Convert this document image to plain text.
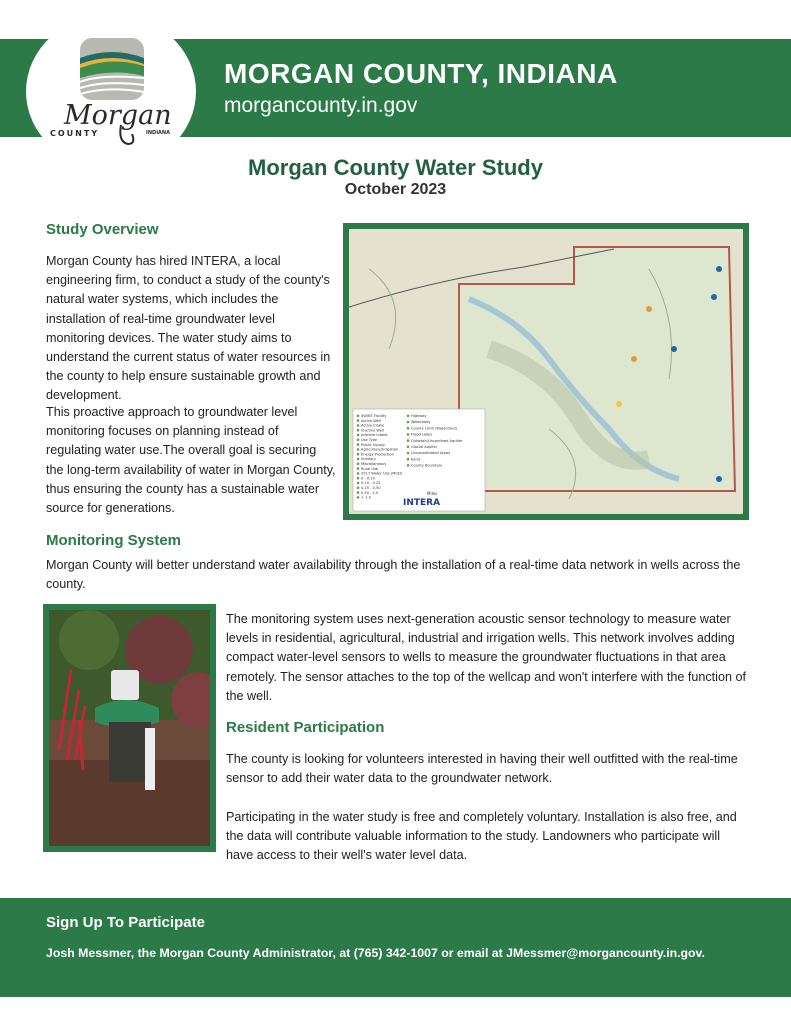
Morgan
COUNTY	INDIANA
MORGAN COUNTY, INDIANA
morgancounty.in.gov
Morgan County Water Study
October 2023
Study Overview

Morgan County has hired INTERA, a local engineering firm, to conduct a study of the county's natural water systems, which includes the installation of real-time groundwater level monitoring devices. The water study aims to understand the current status of water resources in the county to help ensure sustainable growth and development.

This proactive approach to groundwater level monitoring focuses on planning instead of regulating water use.The overall goal is securing the long-term availability of water in Morgan County, thus ensuring the county has a sustainable water source for generations.	INTERA
Miles
SWINT Facility
Active Well
Active Intake
Inactive Well
Inactive Intake
Use Type
Public Supply
Agriculture/Irrigation
Energy Production
Industry
Miscellaneous
Rural Use
2017 Water Use (MGD)
0 - 0.10
0.10 - 0.25
0.25 - 0.50
0.50 - 1.0
> 1.0
Highway
Waterbody
County Limit (Watershed)
Flood Lakes
Outwash/Unconfined Aquifer
Glacial Aquifer
Unconsolidated Areas
Karst
County Boundary
Monitoring System

Morgan County will better understand water availability through the installation of a real-time data network in wells across the county.

The monitoring system uses next-generation acoustic sensor technology to measure water levels in residential, agricultural, industrial and irrigation wells. This network involves adding compact water-level sensors to wells to measure the groundwater fluctuations in that area remotely. The sensor attaches to the top of the wellcap and won't interfere with the function of the well.

Resident Participation

The county is looking for volunteers interested in having their well outfitted with the real-time sensor to add their water data to the groundwater network.

Participating in the water study is free and completely voluntary. Installation is also free, and the data will contribute valuable information to the study. Landowners who participate will have access to their well's water level data.

Sign Up To Participate
Josh Messmer, the Morgan County Administrator, at (765) 342-1007 or email at JMessmer@morgancounty.in.gov.
